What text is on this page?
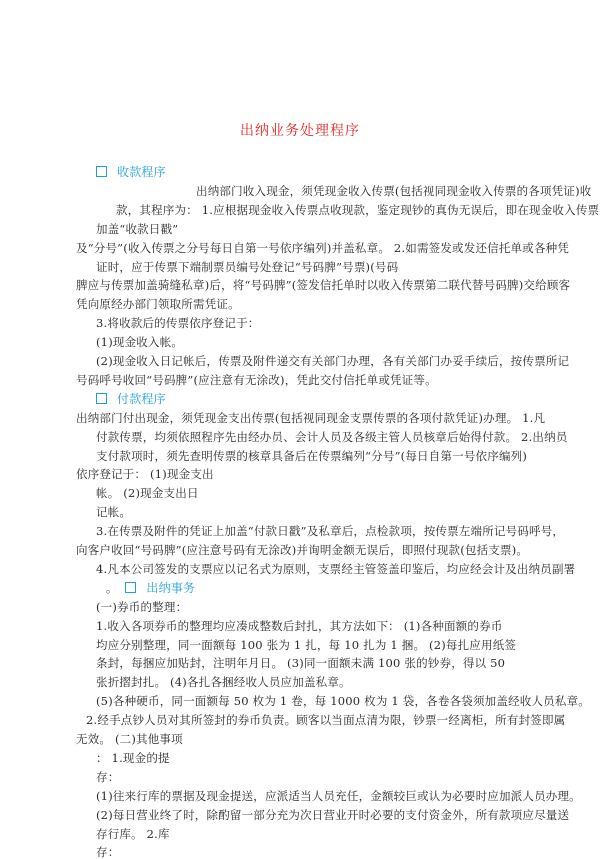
出纳业务处理程序
收款程序
出纳部门收入现金，须凭现金收入传票(包括视同现金收入传票的各项凭证)收
款，其程序为： 1.应根据现金收入传票点收现款，鉴定现钞的真伪无误后，即在现金收入传票
加盖“收款日戳”
及“分号”(收入传票之分号每日自第一号依序编列)并盖私章。 2.如需签发或发还信托单或各种凭
证时，应于传票下端制票员编号处登记“号码脾”号票)(号码
脾应与传票加盖骑缝私章)后，将“号码脾”(签发信托单时以收入传票第二联代替号码脾)交给顾客
凭向原经办部门领取所需凭证。
3.将收款后的传票依序登记于：
(1)现金收入帐。
(2)现金收入日记帐后，传票及附件递交有关部门办理，各有关部门办妥手续后，按传票所记
号码呼号收回“号码脾”(应注意有无涂改)，凭此交付信托单或凭证等。
付款程序
出纳部门付出现金，须凭现金支出传票(包括视同现金支票传票的各项付款凭证)办理。 1.凡
付款传票，均须依照程序先由经办员、会计人员及各级主管人员核章后始得付款。 2.出纳员
支付款项时，须先查明传票的核章具备后在传票编列“分号”(每日自第一号依序编列)
依序登记于： (1)现金支出
帐。 (2)现金支出日
记帐。
3.在传票及附件的凭证上加盖“付款日戳”及私章后，点检款项，按传票左端所记号码呼号，
向客户收回“号码脾”(应注意号码有无涂改)并询明金额无误后，即照付现款(包括支票)。
4.凡本公司签发的支票应以记名式为原则，支票经主管签盖印鉴后，均应经会计及出纳员副署
。 出纳事务
(一)券币的整理：
1.收入各项券币的整理均应凑成整数后封扎，其方法如下： (1)各种面额的券币
均应分别整理，同一面额每 100 张为 1 扎，每 10 扎为 1 捆。 (2)每扎应用纸签
条封，每捆应加贴封，注明年月日。 (3)同一面额未满 100 张的钞券，得以 50
张折摺封扎。 (4)各扎各捆经收人员应加盖私章。
(5)各种硬币，同一面额每 50 枚为 1 卷，每 1000 枚为 1 袋，各卷各袋须加盖经收人员私章。
2.经手点钞人员对其所签封的券币负责。顾客以当面点清为限，钞票一经离柜，所有封签即属
无效。 (二)其他事项
： 1.现金的提
存：
(1)往来行库的票据及现金提送，应派适当人员充任，金额较巨或认为必要时应加派人员办理。
(2)每日营业终了时，除酌留一部分充为次日营业开时必要的支付资金外，所有款项应尽量送
存行库。 2.库
存：
